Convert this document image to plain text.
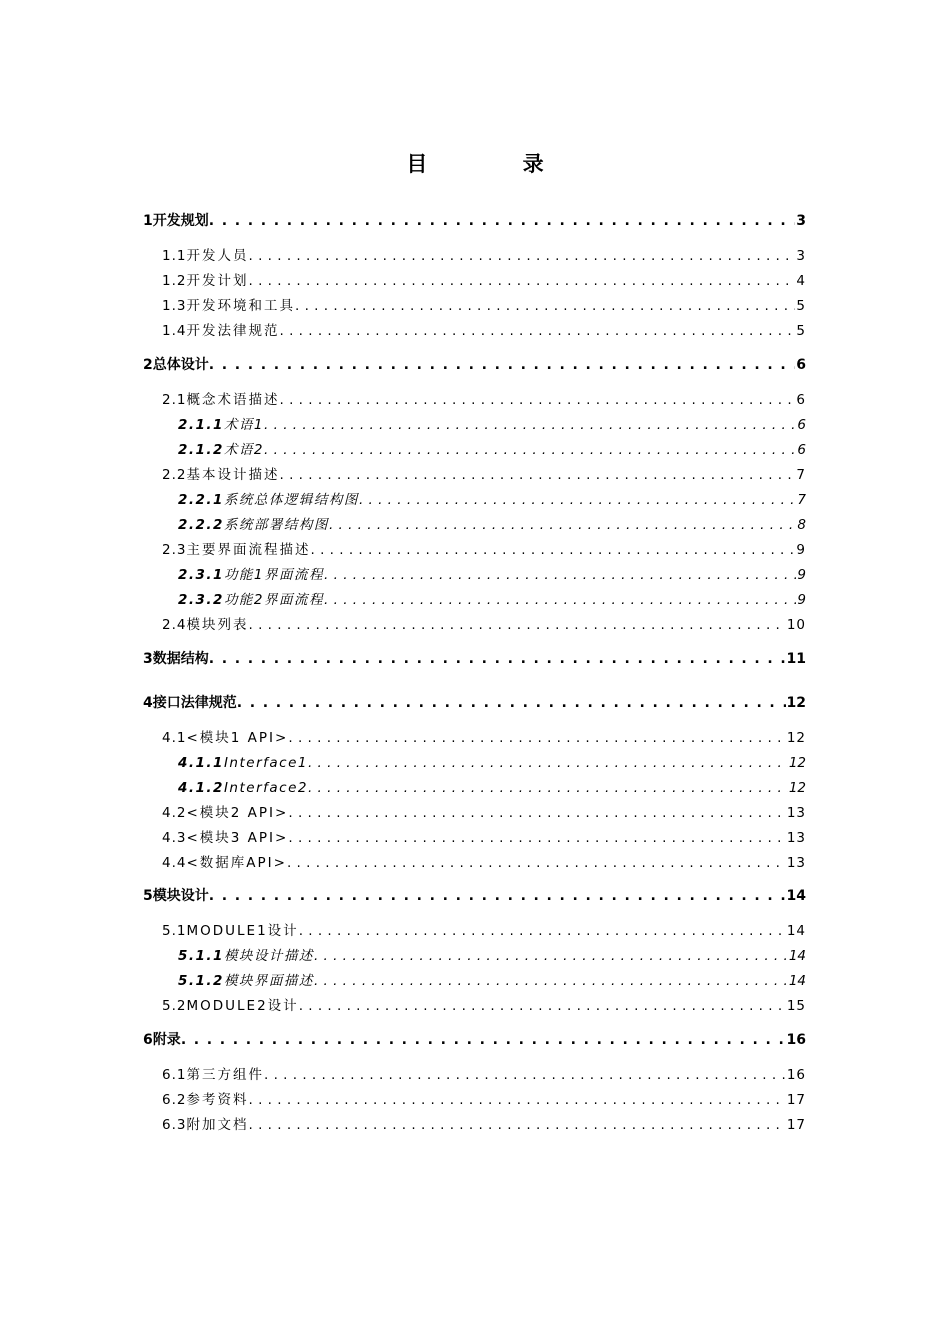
目 录
1 开发规划 . . .	3
1.1 开发人员 . . .	3
1.2 开发计划 . . .	4
1.3 开发环境和工具 . . .	5
1.4 开发法律规范 . . .	5
2 总体设计 . . .	6
2.1 概念术语描述 . . .	6
2.1.1 术语1 . . .	6
2.1.2 术语2 . . .	6
2.2 基本设计描述 . . .	7
2.2.1 系统总体逻辑结构图 . . .	7
2.2.2 系统部署结构图 . . .	8
2.3 主要界面流程描述 . . .	9
2.3.1 功能1界面流程 . . .	9
2.3.2 功能2界面流程 . . .	9
2.4 模块列表 . . .	10
3 数据结构 . . .	11
4 接口法律规范 . . .	12
4.1 <模块1 API> . . .	12
4.1.1 Interface1 . . .	12
4.1.2 Interface2 . . .	12
4.2 <模块2 API> . . .	13
4.3 <模块3 API> . . .	13
4.4 <数据库API> . . .	13
5 模块设计 . . .	14
5.1 MODULE1设计 . . .	14
5.1.1 模块设计描述 . . .	14
5.1.2 模块界面描述 . . .	14
5.2 MODULE2设计 . . .	15
6 附录 . . .	16
6.1 第三方组件 . . .	16
6.2 参考资料 . . .	17
6.3 附加文档 . . .	17
